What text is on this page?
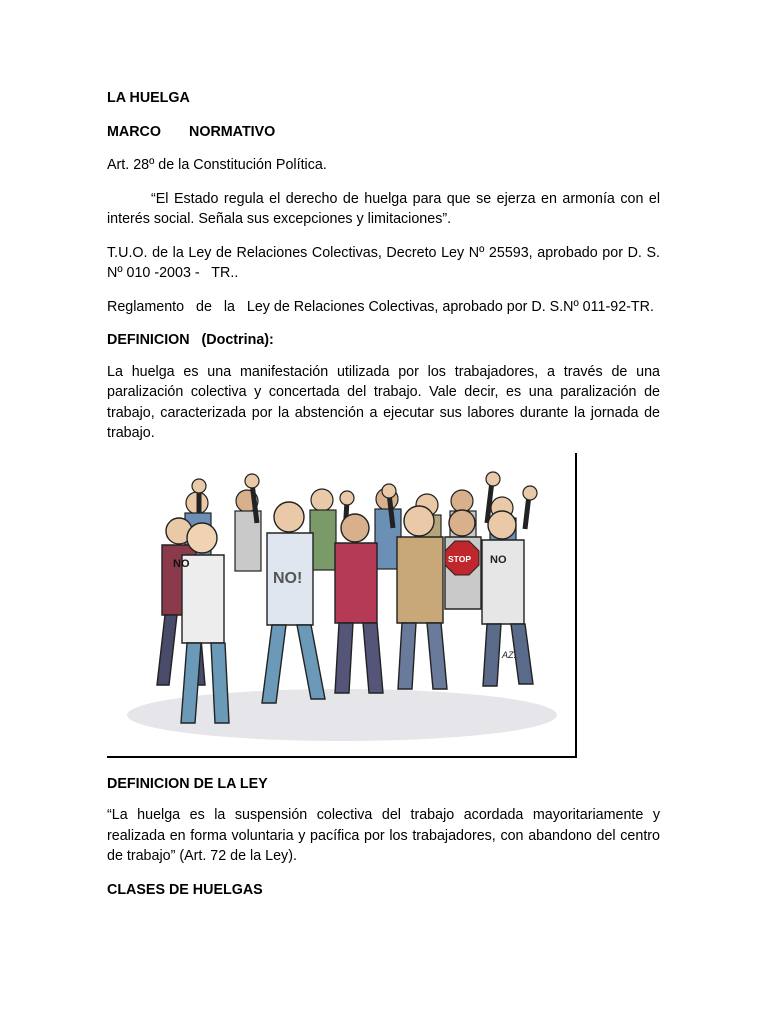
LA HUELGA

MARCO NORMATIVO

Art. 28º de la Constitución Política.

“El Estado regula el derecho de huelga para que se ejerza en armonía con el interés social. Señala sus excepciones y limitaciones”.

T.U.O. de la Ley de Relaciones Colectivas, Decreto Ley Nº 25593, aprobado por D. S.  Nº 010 -2003 -   TR..

Reglamento   de   la   Ley de Relaciones Colectivas, aprobado por D. S.Nº 011-92-TR.

DEFINICION   (Doctrina):

La huelga es una manifestación utilizada por los trabajadores, a través de una paralización colectiva y concertada del trabajo. Vale decir, es una paralización de trabajo, caracterizada por la abstención a ejecutar sus labores durante la jornada de trabajo.

NO
NO!
STOP NO
AZ.

DEFINICION DE LA LEY

“La huelga es la suspensión colectiva del trabajo acordada mayoritariamente y realizada en forma voluntaria y pacífica por los trabajadores, con abandono del centro de trabajo” (Art. 72 de la Ley).

CLASES DE HUELGAS
